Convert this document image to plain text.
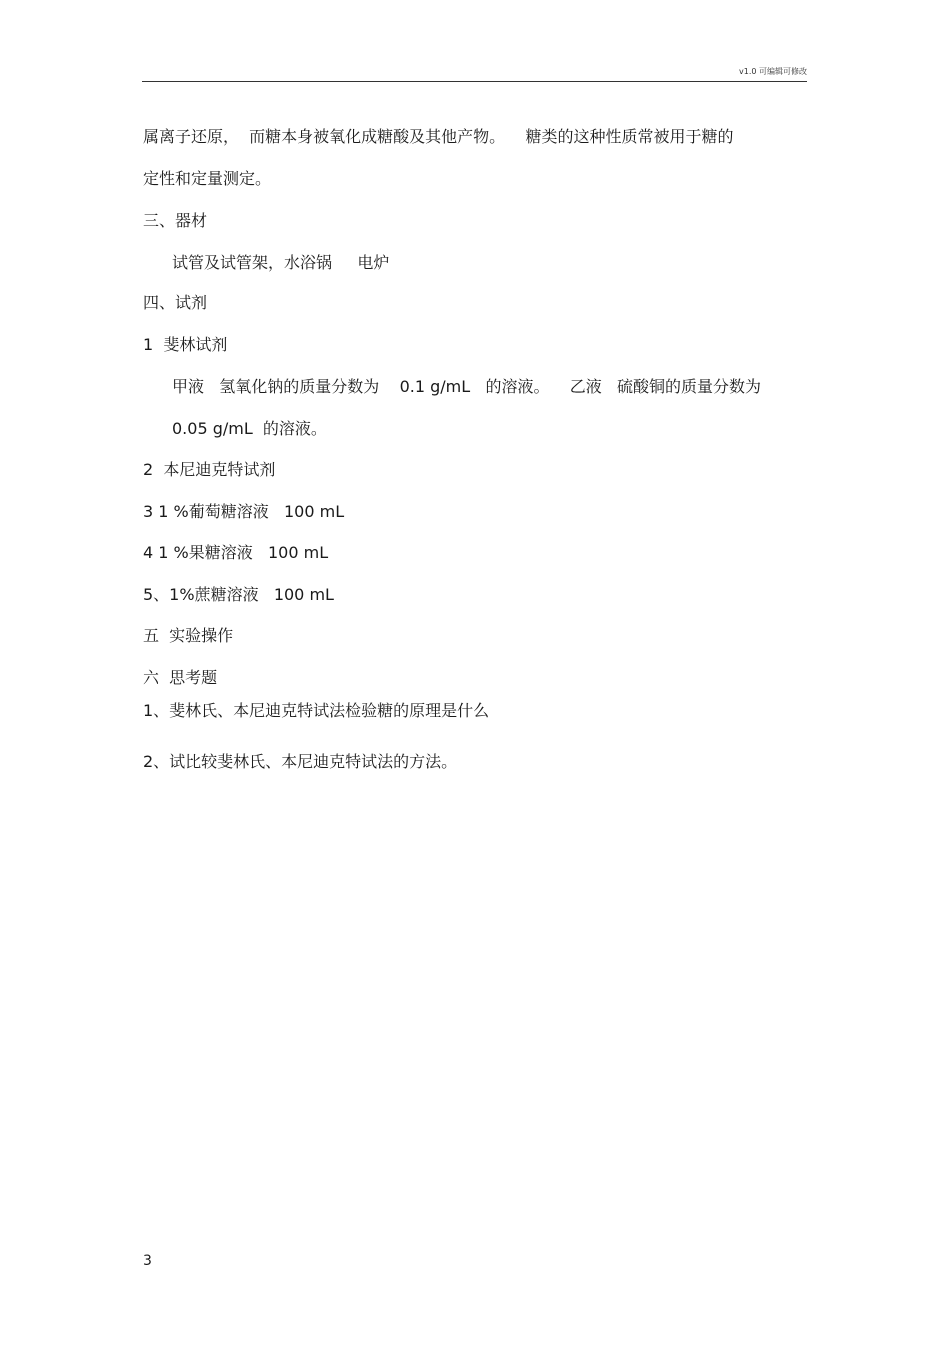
v1.0 可编辑可修改
属离子还原，  而糖本身被氧化成糖酸及其他产物。    糖类的这种性质常被用于糖的
定性和定量测定。
三、器材
试管及试管架，水浴锅     电炉
四、试剂
1  斐林试剂
甲液   氢氧化钠的质量分数为    0.1 g/mL   的溶液。    乙液   硫酸铜的质量分数为
0.05 g/mL  的溶液。
2  本尼迪克特试剂
3 1 %葡萄糖溶液   100 mL
4 1 %果糖溶液   100 mL
5、1%蔗糖溶液   100 mL
五  实验操作
六  思考题
1、斐林氏、本尼迪克特试法检验糖的原理是什么
2、试比较斐林氏、本尼迪克特试法的方法。
3
